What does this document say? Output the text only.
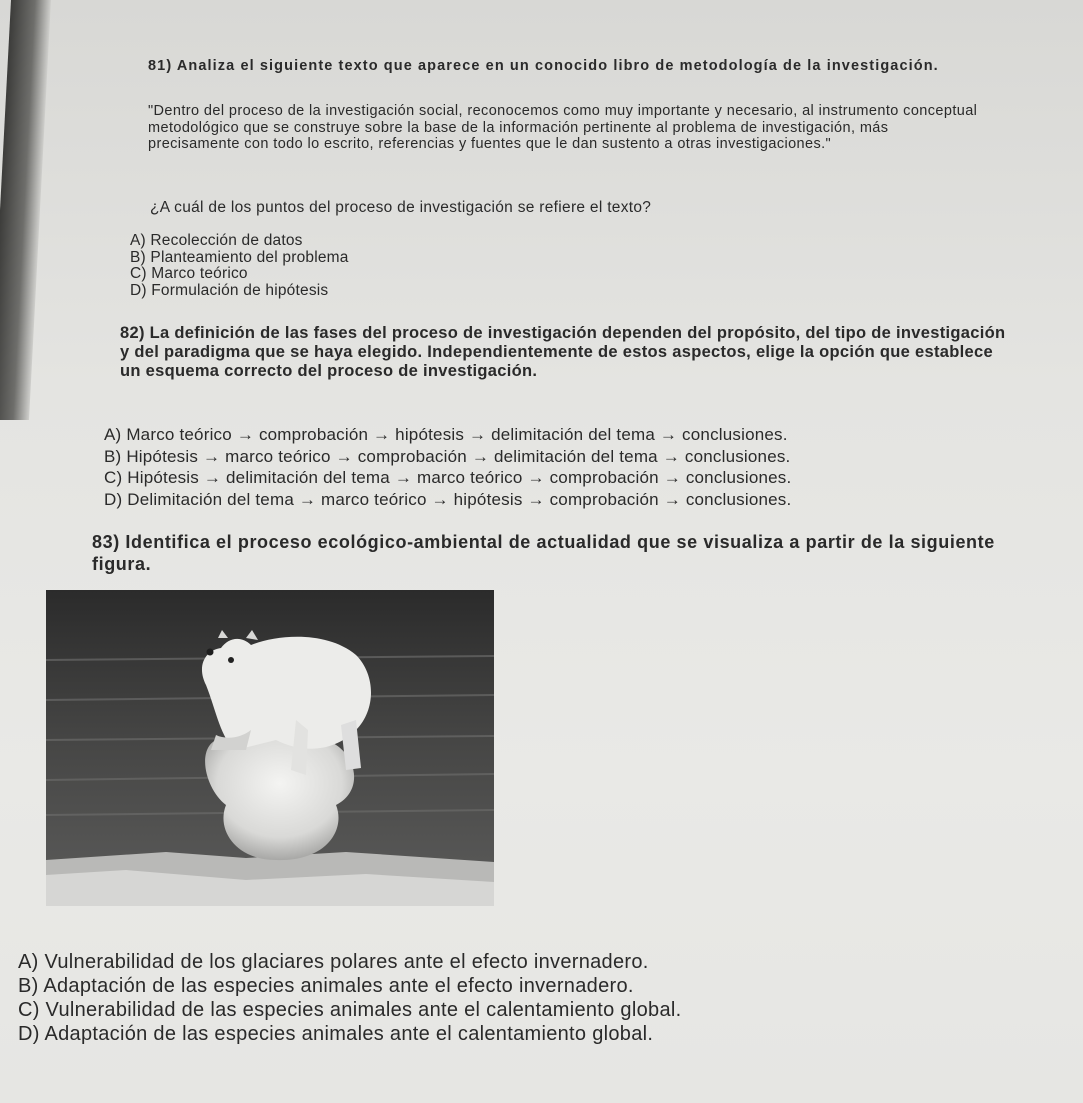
81) Analiza el siguiente texto que aparece en un conocido libro de metodología de la investigación.

"Dentro del proceso de la investigación social, reconocemos como muy importante y necesario, al instrumento conceptual metodológico que se construye sobre la base de la información pertinente al problema de investigación, más precisamente con todo lo escrito, referencias y fuentes que le dan sustento a otras investigaciones."

¿A cuál de los puntos del proceso de investigación se refiere el texto?

A) Recolección de datos
B) Planteamiento del problema
C) Marco teórico
D) Formulación de hipótesis

82) La definición de las fases del proceso de investigación dependen del propósito, del tipo de investigación y del paradigma que se haya elegido. Independientemente de estos aspectos, elige la opción que establece un esquema correcto del proceso de investigación.

A) Marco teórico → comprobación → hipótesis → delimitación del tema → conclusiones.
B) Hipótesis → marco teórico → comprobación → delimitación del tema → conclusiones.
C) Hipótesis → delimitación del tema → marco teórico → comprobación → conclusiones.
D) Delimitación del tema → marco teórico → hipótesis → comprobación → conclusiones.

83) Identifica el proceso ecológico-ambiental de actualidad que se visualiza a partir de la siguiente figura.

A) Vulnerabilidad de los glaciares polares ante el efecto invernadero.
B) Adaptación de las especies animales ante el efecto invernadero.
C) Vulnerabilidad de las especies animales ante el calentamiento global.
D) Adaptación de las especies animales ante el calentamiento global.
